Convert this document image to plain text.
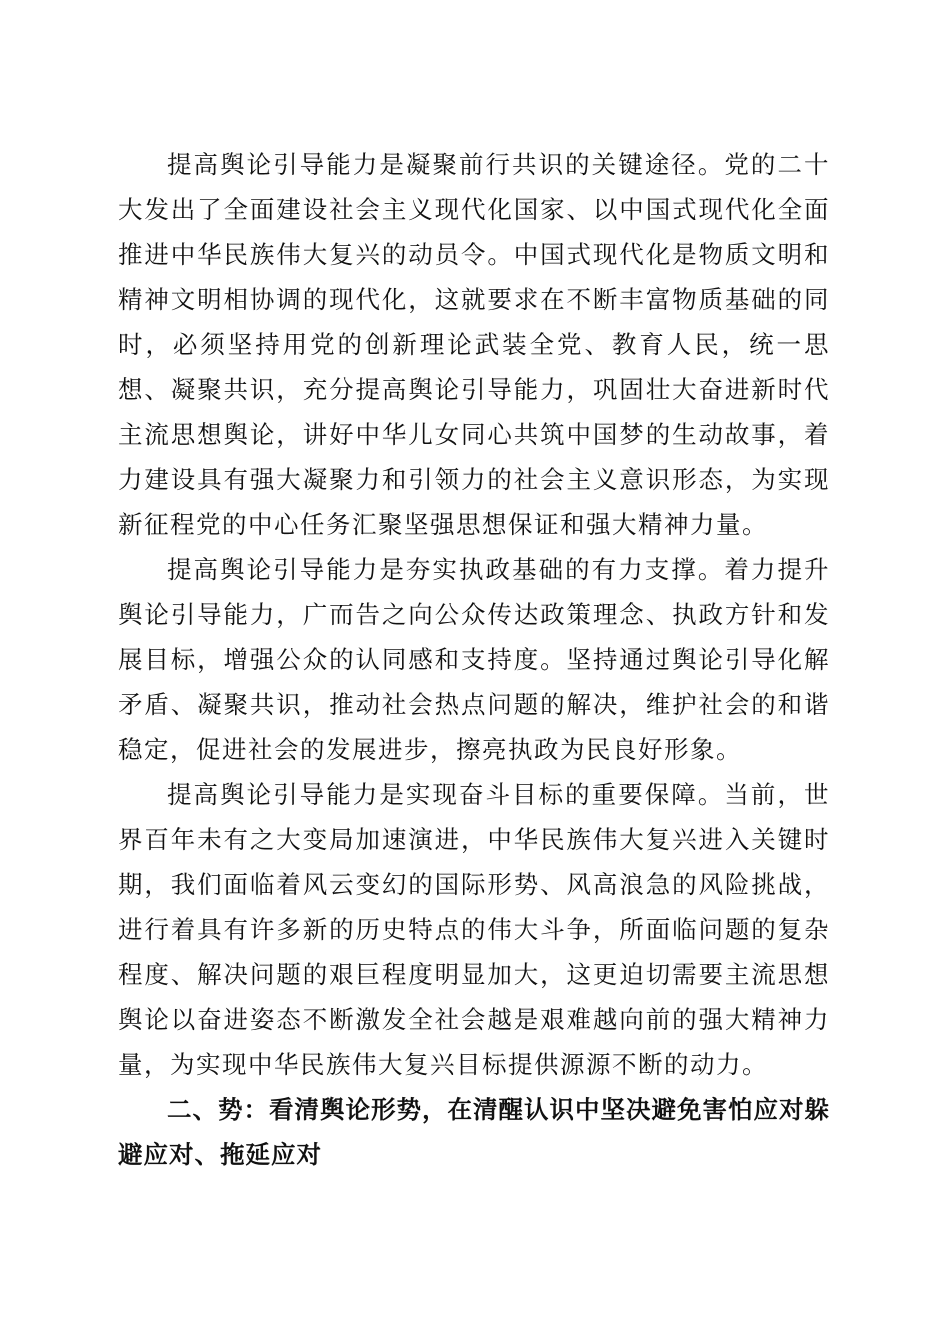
提高舆论引导能力是凝聚前行共识的关键途径。党的二十大发出了全面建设社会主义现代化国家、以中国式现代化全面推进中华民族伟大复兴的动员令。中国式现代化是物质文明和精神文明相协调的现代化，这就要求在不断丰富物质基础的同时，必须坚持用党的创新理论武装全党、教育人民，统一思想、凝聚共识，充分提高舆论引导能力，巩固壮大奋进新时代主流思想舆论，讲好中华儿女同心共筑中国梦的生动故事，着力建设具有强大凝聚力和引领力的社会主义意识形态，为实现新征程党的中心任务汇聚坚强思想保证和强大精神力量。

提高舆论引导能力是夯实执政基础的有力支撑。着力提升舆论引导能力，广而告之向公众传达政策理念、执政方针和发展目标，增强公众的认同感和支持度。坚持通过舆论引导化解矛盾、凝聚共识，推动社会热点问题的解决，维护社会的和谐稳定，促进社会的发展进步，擦亮执政为民良好形象。

提高舆论引导能力是实现奋斗目标的重要保障。当前，世界百年未有之大变局加速演进，中华民族伟大复兴进入关键时期，我们面临着风云变幻的国际形势、风高浪急的风险挑战，进行着具有许多新的历史特点的伟大斗争，所面临问题的复杂程度、解决问题的艰巨程度明显加大，这更迫切需要主流思想舆论以奋进姿态不断激发全社会越是艰难越向前的强大精神力量，为实现中华民族伟大复兴目标提供源源不断的动力。

二、势：看清舆论形势，在清醒认识中坚决避免害怕应对躲避应对、拖延应对
